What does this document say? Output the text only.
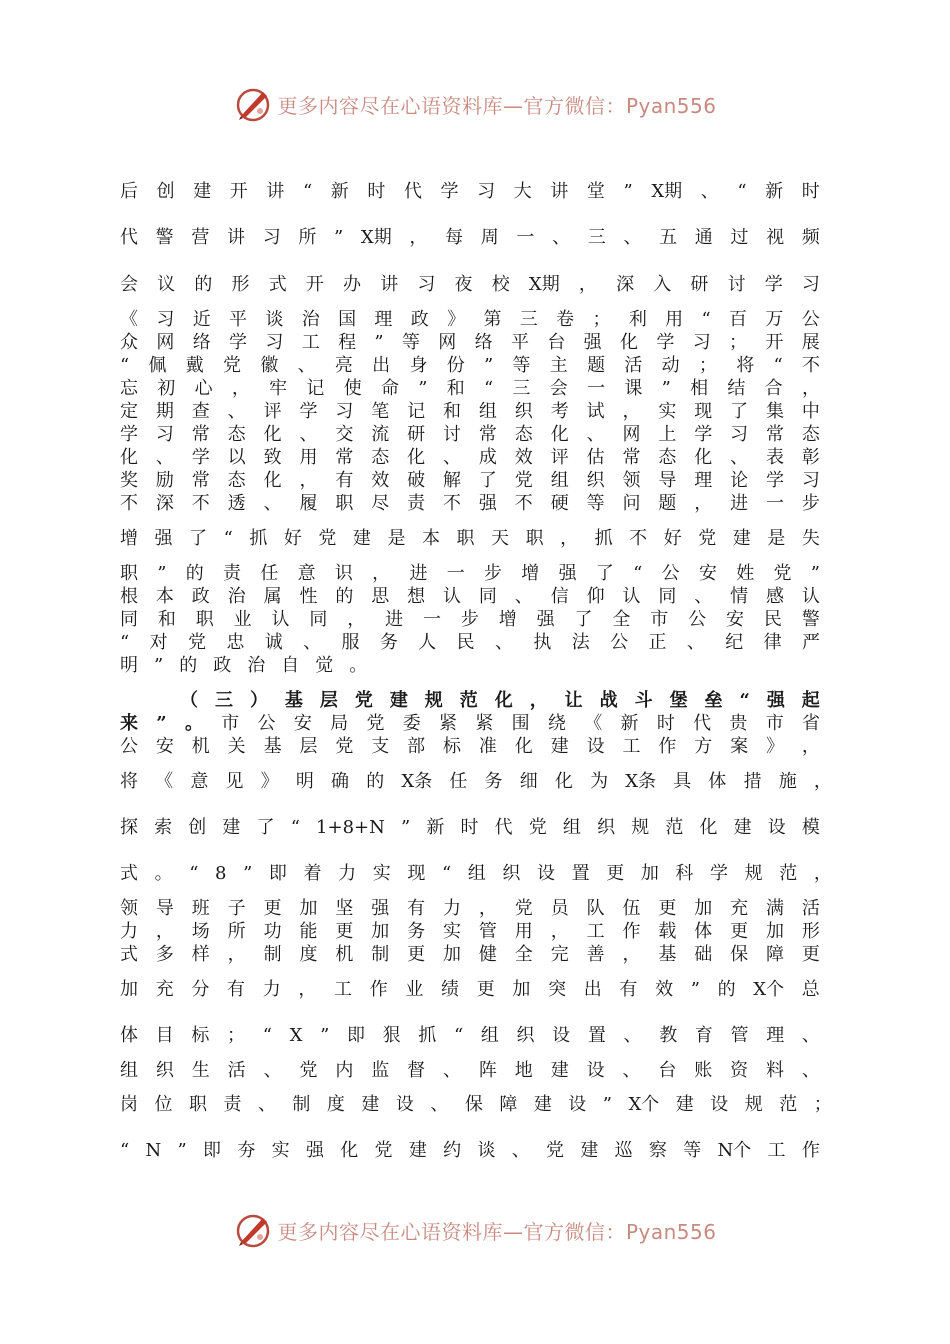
更多内容尽在心语资料库—官方微信：Pyan556
后 创 建 开 讲 “ 新 时 代 学 习 大 讲 堂 ” X期 、 “ 新 时
代 警 营 讲 习 所 ” X期 ， 每 周 一 、 三 、 五 通 过 视 频
会 议 的 形 式 开 办 讲 习 夜 校 X期 ， 深 入 研 讨 学 习
《 习 近 平 谈 治 国 理 政 》 第 三 卷 ； 利 用 “ 百 万 公
众 网 络 学 习 工 程 ” 等 网 络 平 台 强 化 学 习 ； 开 展
“ 佩 戴 党 徽 、 亮 出 身 份 ” 等 主 题 活 动 ； 将 “ 不
忘 初 心 ， 牢 记 使 命 ” 和 “ 三 会 一 课 ” 相 结 合 ，
定 期 查 、 评 学 习 笔 记 和 组 织 考 试 ， 实 现 了 集 中
学 习 常 态 化 、 交 流 研 讨 常 态 化 、 网 上 学 习 常 态
化 、 学 以 致 用 常 态 化 、 成 效 评 估 常 态 化 、 表 彰
奖 励 常 态 化 ， 有 效 破 解 了 党 组 织 领 导 理 论 学 习
不 深 不 透 、 履 职 尽 责 不 强 不 硬 等 问 题 ， 进 一 步
增 强 了 “ 抓 好 党 建 是 本 职 天 职 ， 抓 不 好 党 建 是 失
职 ” 的 责 任 意 识 ， 进 一 步 增 强 了 “ 公 安 姓 党 ”
根 本 政 治 属 性 的 思 想 认 同 、 信 仰 认 同 、 情 感 认
同 和 职 业 认 同 ， 进 一 步 增 强 了 全 市 公 安 民 警
“ 对 党 忠 诚 、 服 务 人 民 、 执 法 公 正 、 纪 律 严
明 ” 的 政 治 自 觉 。
（ 三 ） 基 层 党 建 规 范 化 ， 让 战 斗 堡 垒 “ 强 起
来 ” 。 市 公 安 局 党 委 紧 紧 围 绕 《 新 时 代 贵 市 省
公 安 机 关 基 层 党 支 部 标 准 化 建 设 工 作 方 案 》 ，
将 《 意 见 》 明 确 的 X条 任 务 细 化 为 X条 具 体 措 施 ，
探 索 创 建 了 “ 1+8+N ” 新 时 代 党 组 织 规 范 化 建 设 模
式 。 “ 8 ” 即 着 力 实 现 “ 组 织 设 置 更 加 科 学 规 范 ，
领 导 班 子 更 加 坚 强 有 力 ， 党 员 队 伍 更 加 充 满 活
力 ， 场 所 功 能 更 加 务 实 管 用 ， 工 作 载 体 更 加 形
式 多 样 ， 制 度 机 制 更 加 健 全 完 善 ， 基 础 保 障 更
加 充 分 有 力 ， 工 作 业 绩 更 加 突 出 有 效 ” 的 X个 总
体 目 标 ； “ X ” 即 狠 抓 “ 组 织 设 置 、 教 育 管 理 、
组 织 生 活 、 党 内 监 督 、 阵 地 建 设 、 台 账 资 料 、
岗 位 职 责 、 制 度 建 设 、 保 障 建 设 ” X个 建 设 规 范 ；
“ N ” 即 夯 实 强 化 党 建 约 谈 、 党 建 巡 察 等 N个 工 作
更多内容尽在心语资料库—官方微信：Pyan556
